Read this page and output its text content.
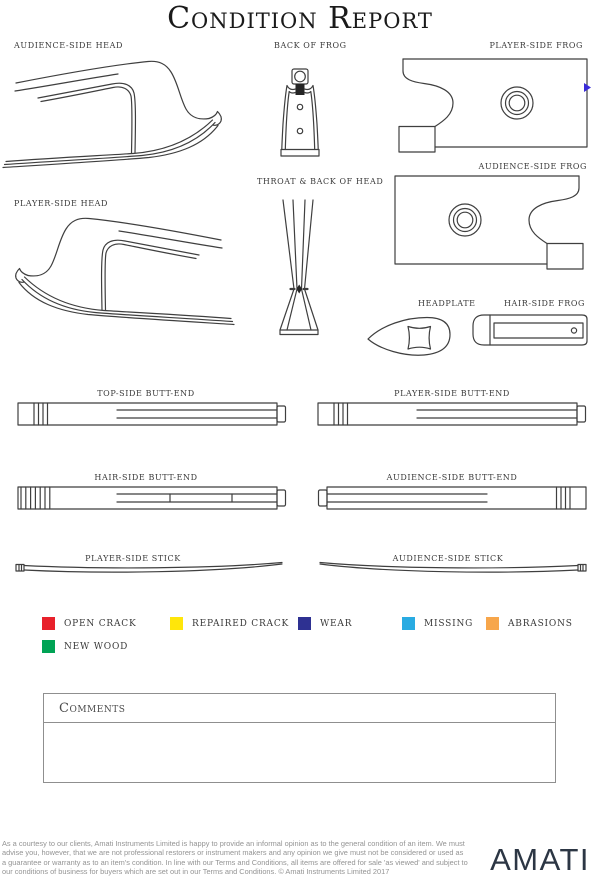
Condition Report
AUDIENCE-SIDE HEAD	BACK OF FROG	PLAYER-SIDE FROG
AUDIENCE-SIDE FROG
PLAYER-SIDE HEAD
THROAT & BACK OF HEAD
HEADPLATE	HAIR-SIDE FROG
TOP-SIDE BUTT-END	PLAYER-SIDE BUTT-END
HAIR-SIDE BUTT-END	AUDIENCE-SIDE BUTT-END
PLAYER-SIDE STICK	AUDIENCE-SIDE STICK
OPEN CRACK	REPAIRED CRACK	WEAR	MISSING	ABRASIONS
NEW WOOD
Comments
As a courtesy to our clients, Amati Instruments Limited is happy to provide an informal opinion as to the general condition of an item. We must advise you, however, that we are not professional restorers or instrument makers and any opinion we give must not be considered or used as a guarantee or warranty as to an item's condition. In line with our Terms and Conditions, all items are offered for sale 'as viewed' and subject to our conditions of business for buyers which are set out in our Terms and Conditions. © Amati Instruments Limited 2017	AMATI
